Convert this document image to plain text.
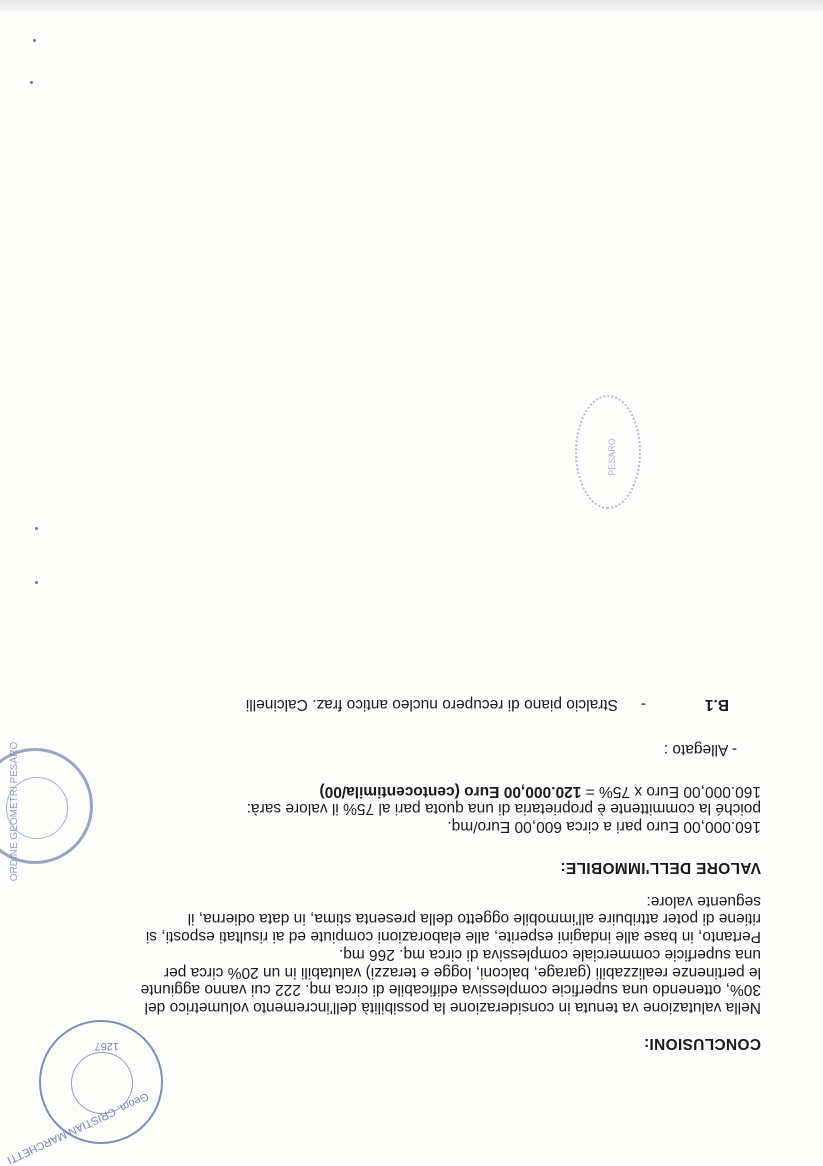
CONCLUSIONI:

Nella valutazione va tenuta in considerazione la possibilità dell'incremento volumetrico del

30%, ottenendo una superficie complessiva edificabile di circa mq. 222 cui vanno aggiunte

le pertinenze realizzabili (garage, balconi, logge e terazzi) valutabili in un 20% circa per

una superficie commerciale complessiva di circa mq. 266 mq.

Pertanto, in base alle indagini esperite, alle elaborazioni compiute ed ai risultati esposti, si

ritiene di poter attribuire all'immobile oggetto della presenta stima, in data odierna, il

seguente valore:

VALORE DELL'IMMOBILE:

160.000,00 Euro pari a circa 600,00 Euro/mq.

poiché la committente è proprietaria di una quota pari al 75% il valore sarà:

160.000,00 Euro x 75% = 120.000,00 Euro (centocentimila/00)

- Allegato :
B.1
-
Stralcio piano di recupero nucleo antico fraz. Calcinelli
Geom. CRISTIAN MARCHETTI
1267
ORDINE GEOMETRI PESARO
PESARO
